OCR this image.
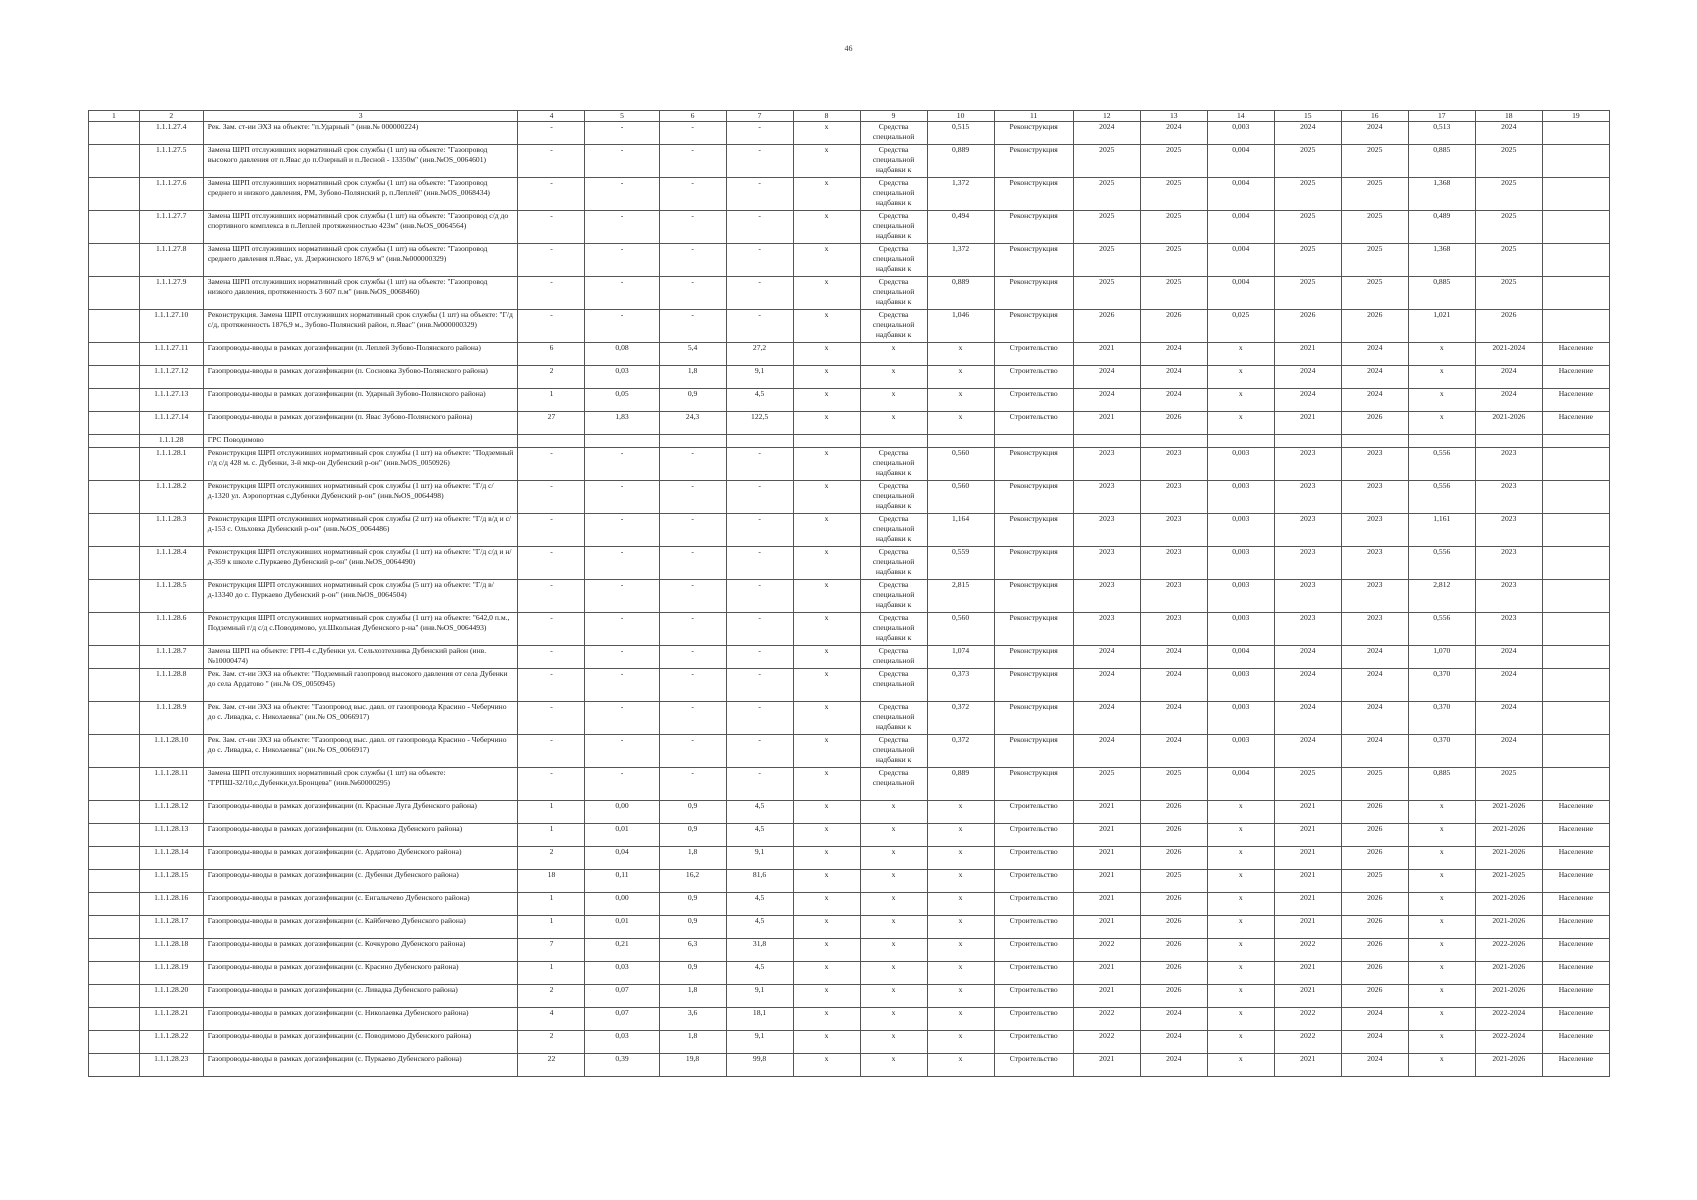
46
1	2	3	4	5	6	7	8	9	10	11	12	13	14	15	16	17	18	19
	1.1.1.27.4	Рек. Зам. ст-ии ЭХЗ на объекте: "п.Ударный " (инв.№ 000000224)	-	-	-	-	x	Средства специальной	0,515	Реконструкция	2024	2024	0,003	2024	2024	0,513	2024	
	1.1.1.27.5	Замена ШРП отслуживших нормативный срок службы (1 шт) на объекте: "Газопровод высокого давления от п.Явас до п.Озерный и п.Лесной - 13350м" (инв.№OS_0064601)	-	-	-	-	x	Средства специальной надбавки к	0,889	Реконструкция	2025	2025	0,004	2025	2025	0,885	2025	
	1.1.1.27.6	Замена ШРП отслуживших нормативный срок службы (1 шт) на объекте: "Газопровод среднего и низкого давления, РМ, Зубово-Полянский р, п.Леплей" (инв.№OS_0068434)	-	-	-	-	x	Средства специальной надбавки к	1,372	Реконструкция	2025	2025	0,004	2025	2025	1,368	2025	
	1.1.1.27.7	Замена ШРП отслуживших нормативный срок службы (1 шт) на объекте: "Газопровод с/д до спортивного комплекса в п.Леплей протяженностью 423м" (инв.№OS_0064564)	-	-	-	-	x	Средства специальной надбавки к	0,494	Реконструкция	2025	2025	0,004	2025	2025	0,489	2025	
	1.1.1.27.8	Замена ШРП отслуживших нормативный срок службы (1 шт) на объекте: "Газопровод среднего давления п.Явас, ул. Дзержинского 1876,9 м" (инв.№000000329)	-	-	-	-	x	Средства специальной надбавки к	1,372	Реконструкция	2025	2025	0,004	2025	2025	1,368	2025	
	1.1.1.27.9	Замена ШРП отслуживших нормативный срок службы (1 шт) на объекте: "Газопровод низкого давления, протяженность 3 607 п.м" (инв.№OS_0068460)	-	-	-	-	x	Средства специальной надбавки к	0,889	Реконструкция	2025	2025	0,004	2025	2025	0,885	2025	
	1.1.1.27.10	Реконструкция. Замена ШРП отслуживших нормативный срок службы (1 шт) на объекте: "Г/д с/д, протяженность 1876,9 м., Зубово-Полянский район, п.Явас" (инв.№000000329)	-	-	-	-	x	Средства специальной надбавки к	1,046	Реконструкция	2026	2026	0,025	2026	2026	1,021	2026	
	1.1.1.27.11	Газопроводы-вводы в рамках догазификации (п. Леплей Зубово-Полянского района)	6	0,08	5,4	27,2	x	x	x	Строительство	2021	2024	x	2021	2024	x	2021-2024	Население
	1.1.1.27.12	Газопроводы-вводы в рамках догазификации (п. Сосновка Зубово-Полянского района)	2	0,03	1,8	9,1	x	x	x	Строительство	2024	2024	x	2024	2024	x	2024	Население
	1.1.1.27.13	Газопроводы-вводы в рамках догазификации (п. Ударный Зубово-Полянского района)	1	0,05	0,9	4,5	x	x	x	Строительство	2024	2024	x	2024	2024	x	2024	Население
	1.1.1.27.14	Газопроводы-вводы в рамках догазификации (п. Явас Зубово-Полянского района)	27	1,83	24,3	122,5	x	x	x	Строительство	2021	2026	x	2021	2026	x	2021-2026	Население
	1.1.1.28	ГРС Поводимово																
	1.1.1.28.1	Реконструкция ШРП отслуживших нормативный срок службы (1 шт) на объекте: "Подземный г/д с/д 428 м. с. Дубенки, 3-й мкр-он Дубенский р-он" (инв.№OS_0050926)	-	-	-	-	x	Средства специальной надбавки к	0,560	Реконструкция	2023	2023	0,003	2023	2023	0,556	2023	
	1.1.1.28.2	Реконструкция ШРП отслуживших нормативный срок службы (1 шт) на объекте: "Г/д с/д-1320 ул. Аэропортная с.Дубенки Дубенский р-он" (инв.№OS_0064498)	-	-	-	-	x	Средства специальной надбавки к	0,560	Реконструкция	2023	2023	0,003	2023	2023	0,556	2023	
	1.1.1.28.3	Реконструкция ШРП отслуживших нормативный срок службы (2 шт) на объекте: "Г/д в/д и с/д-153 с. Ольховка Дубенский р-он" (инв.№OS_0064486)	-	-	-	-	x	Средства специальной надбавки к	1,164	Реконструкция	2023	2023	0,003	2023	2023	1,161	2023	
	1.1.1.28.4	Реконструкция ШРП отслуживших нормативный срок службы (1 шт) на объекте: "Г/д с/д и н/д-359 к школе с.Пуркаево Дубенский р-он" (инв.№OS_0064490)	-	-	-	-	x	Средства специальной надбавки к	0,559	Реконструкция	2023	2023	0,003	2023	2023	0,556	2023	
	1.1.1.28.5	Реконструкция ШРП отслуживших нормативный срок службы (5 шт) на объекте: "Г/д в/д-13340 до с. Пуркаево Дубенский р-он" (инв.№OS_0064504)	-	-	-	-	x	Средства специальной надбавки к	2,815	Реконструкция	2023	2023	0,003	2023	2023	2,812	2023	
	1.1.1.28.6	Реконструкция ШРП отслуживших нормативный срок службы (1 шт) на объекте: "642,0 п.м., Подземный г/д с/д с.Поводимово, ул.Школьная Дубенского р-на" (инв.№OS_0064493)	-	-	-	-	x	Средства специальной надбавки к	0,560	Реконструкция	2023	2023	0,003	2023	2023	0,556	2023	
	1.1.1.28.7	Замена ШРП на объекте: ГРП-4 с.Дубенки ул. Сельхозтехника Дубенский район (инв.№10000474)	-	-	-	-	x	Средства специальной	1,074	Реконструкция	2024	2024	0,004	2024	2024	1,070	2024	
	1.1.1.28.8	Рек. Зам. ст-ии ЭХЗ на объекте: "Подземный газопровод высокого давления от села Дубенки до села Ардатово " (ин.№ OS_0050945)	-	-	-	-	x	Средства специальной	0,373	Реконструкция	2024	2024	0,003	2024	2024	0,370	2024	
	1.1.1.28.9	Рек. Зам. ст-ии ЭХЗ на объекте: "Газопровод выс. давл. от газопровода Красино - Чеберчино до с. Ливадка, с. Николаевка" (ин.№ OS_0066917)	-	-	-	-	x	Средства специальной надбавки к	0,372	Реконструкция	2024	2024	0,003	2024	2024	0,370	2024	
	1.1.1.28.10	Рек. Зам. ст-ии ЭХЗ на объекте: "Газопровод выс. давл. от газопровода Красино - Чеберчино до с. Ливадка, с. Николаевка" (ин.№ OS_0066917)	-	-	-	-	x	Средства специальной надбавки к	0,372	Реконструкция	2024	2024	0,003	2024	2024	0,370	2024	
	1.1.1.28.11	Замена ШРП отслуживших нормативный срок службы (1 шт) на объекте: "ГРПШ-32/10,с.Дубенки,ул.Бронцева" (инв.№60000295)	-	-	-	-	x	Средства специальной	0,889	Реконструкция	2025	2025	0,004	2025	2025	0,885	2025	
	1.1.1.28.12	Газопроводы-вводы в рамках догазификации (п. Красные Луга Дубенского района)	1	0,00	0,9	4,5	x	x	x	Строительство	2021	2026	x	2021	2026	x	2021-2026	Население
	1.1.1.28.13	Газопроводы-вводы в рамках догазификации (п. Ольховка Дубенского района)	1	0,01	0,9	4,5	x	x	x	Строительство	2021	2026	x	2021	2026	x	2021-2026	Население
	1.1.1.28.14	Газопроводы-вводы в рамках догазификации (с. Ардатово Дубенского района)	2	0,04	1,8	9,1	x	x	x	Строительство	2021	2026	x	2021	2026	x	2021-2026	Население
	1.1.1.28.15	Газопроводы-вводы в рамках догазификации (с. Дубенки Дубенского района)	18	0,11	16,2	81,6	x	x	x	Строительство	2021	2025	x	2021	2025	x	2021-2025	Население
	1.1.1.28.16	Газопроводы-вводы в рамках догазификации (с. Енгалычево Дубенского района)	1	0,00	0,9	4,5	x	x	x	Строительство	2021	2026	x	2021	2026	x	2021-2026	Население
	1.1.1.28.17	Газопроводы-вводы в рамках догазификации (с. Кайбичево Дубенского района)	1	0,01	0,9	4,5	x	x	x	Строительство	2021	2026	x	2021	2026	x	2021-2026	Население
	1.1.1.28.18	Газопроводы-вводы в рамках догазификации (с. Кочкурово Дубенского района)	7	0,21	6,3	31,8	x	x	x	Строительство	2022	2026	x	2022	2026	x	2022-2026	Население
	1.1.1.28.19	Газопроводы-вводы в рамках догазификации (с. Красино Дубенского района)	1	0,03	0,9	4,5	x	x	x	Строительство	2021	2026	x	2021	2026	x	2021-2026	Население
	1.1.1.28.20	Газопроводы-вводы в рамках догазификации (с. Ливадка Дубенского района)	2	0,07	1,8	9,1	x	x	x	Строительство	2021	2026	x	2021	2026	x	2021-2026	Население
	1.1.1.28.21	Газопроводы-вводы в рамках догазификации (с. Николаевка Дубенского района)	4	0,07	3,6	18,1	x	x	x	Строительство	2022	2024	x	2022	2024	x	2022-2024	Население
	1.1.1.28.22	Газопроводы-вводы в рамках догазификации (с. Поводимово Дубенского района)	2	0,03	1,8	9,1	x	x	x	Строительство	2022	2024	x	2022	2024	x	2022-2024	Население
	1.1.1.28.23	Газопроводы-вводы в рамках догазификации (с. Пуркаево Дубенского района)	22	0,39	19,8	99,8	x	x	x	Строительство	2021	2024	x	2021	2024	x	2021-2026	Население
